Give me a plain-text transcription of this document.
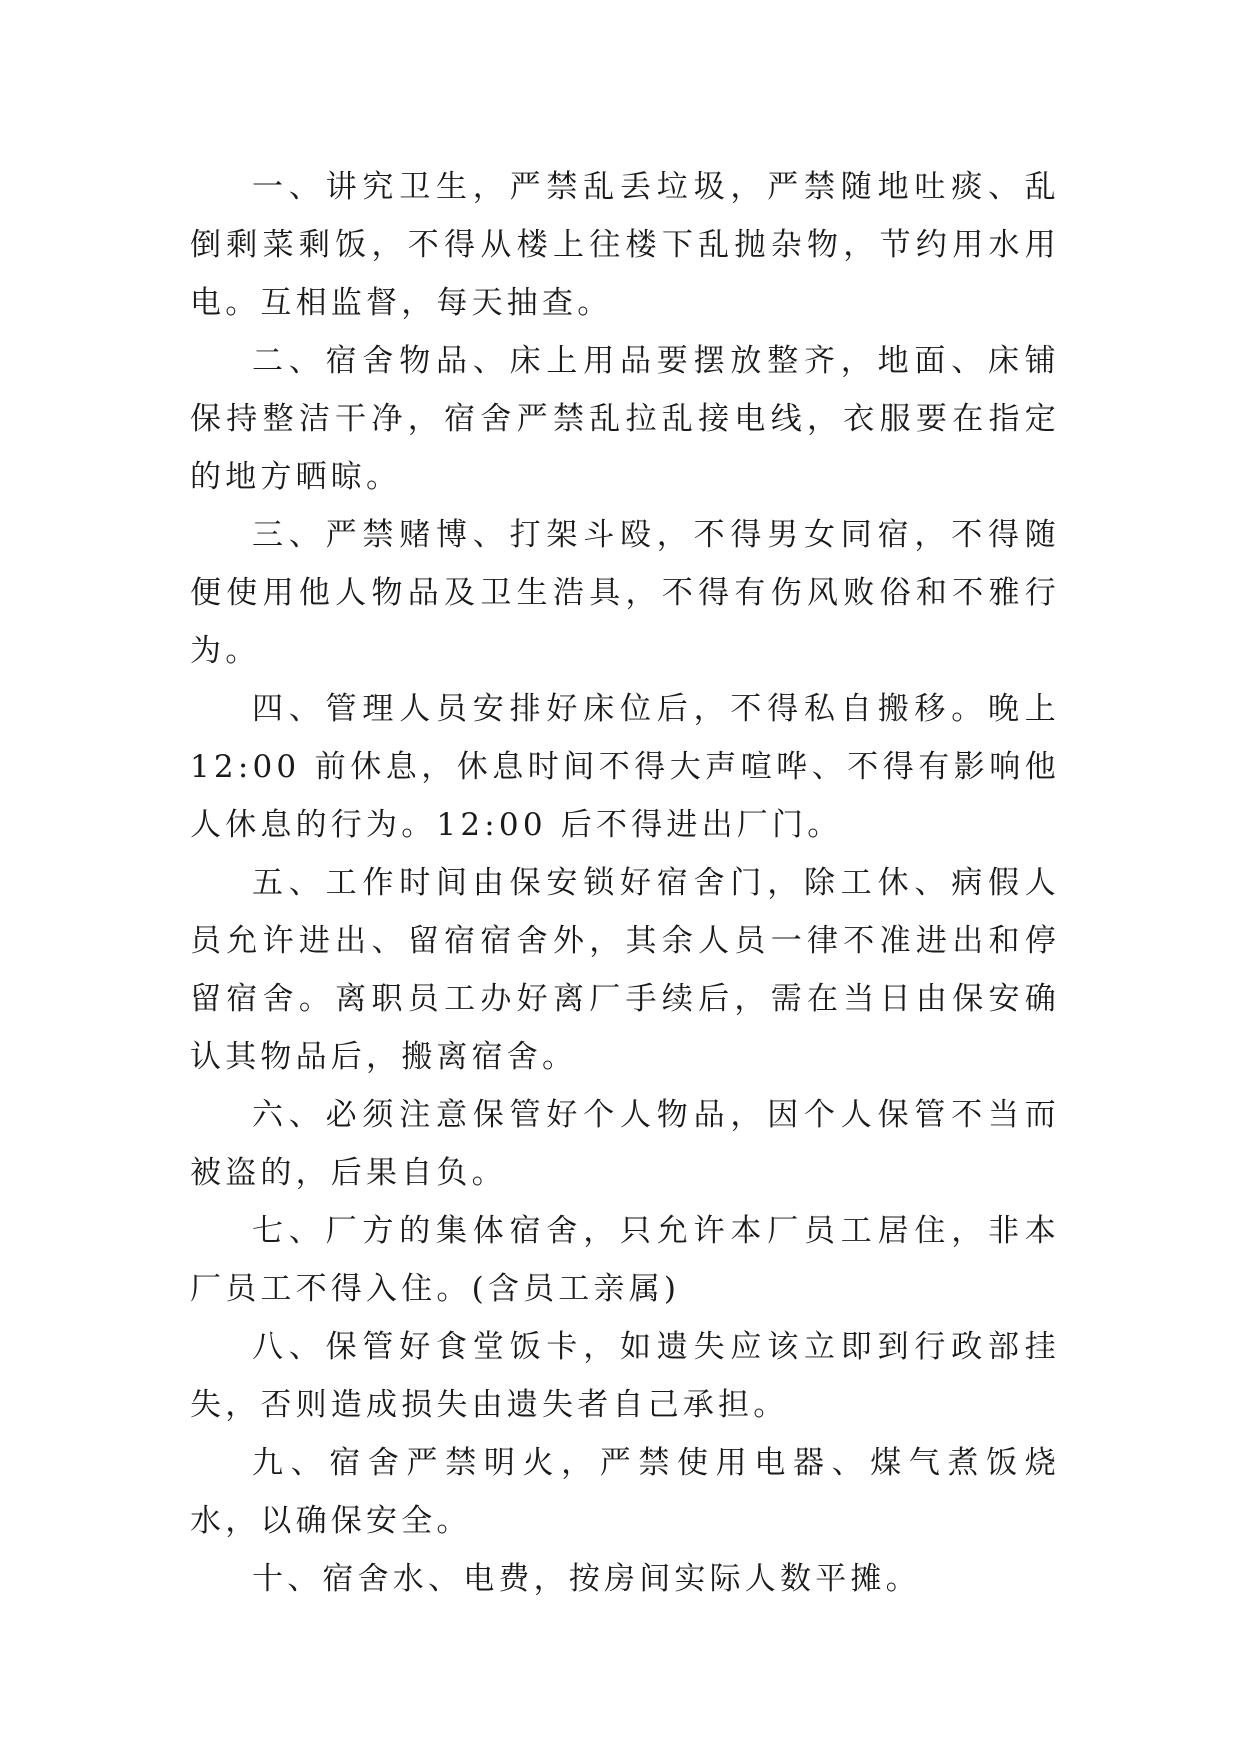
一、讲究卫生，严禁乱丢垃圾，严禁随地吐痰、乱倒剩菜剩饭，不得从楼上往楼下乱抛杂物，节约用水用电。互相监督，每天抽查。

二、宿舍物品、床上用品要摆放整齐，地面、床铺保持整洁干净，宿舍严禁乱拉乱接电线，衣服要在指定的地方晒晾。

三、严禁赌博、打架斗殴，不得男女同宿，不得随便使用他人物品及卫生浩具，不得有伤风败俗和不雅行为。

四、管理人员安排好床位后，不得私自搬移。晚上 12:00 前休息，休息时间不得大声喧哗、不得有影响他人休息的行为。12:00 后不得进出厂门。

五、工作时间由保安锁好宿舍门，除工休、病假人员允许进出、留宿宿舍外，其余人员一律不准进出和停留宿舍。离职员工办好离厂手续后，需在当日由保安确认其物品后，搬离宿舍。

六、必须注意保管好个人物品，因个人保管不当而被盗的，后果自负。

七、厂方的集体宿舍，只允许本厂员工居住，非本厂员工不得入住。(含员工亲属)

八、保管好食堂饭卡，如遗失应该立即到行政部挂失，否则造成损失由遗失者自己承担。

九、宿舍严禁明火，严禁使用电器、煤气煮饭烧水，以确保安全。

十、宿舍水、电费，按房间实际人数平摊。
